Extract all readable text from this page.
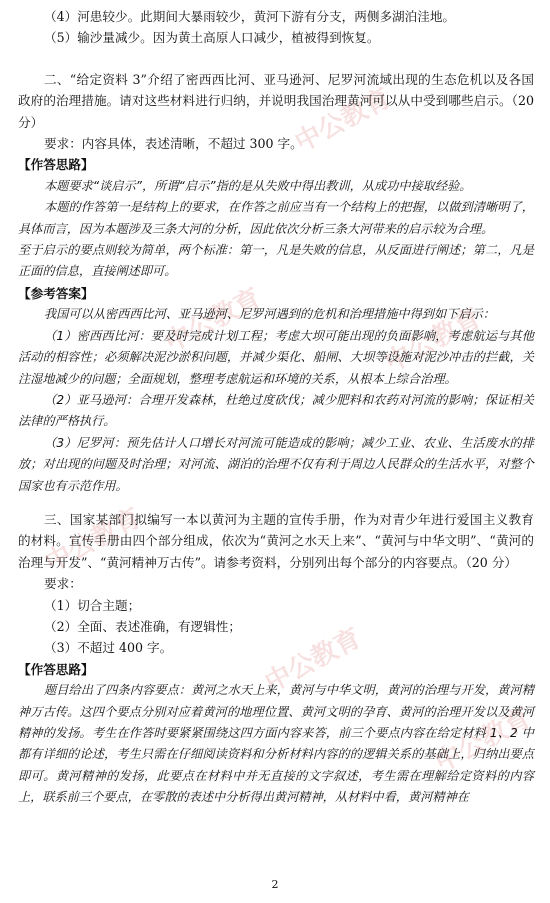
中公教育
中公教育	中公教育
中公教育
中公教育
中公教育

（4）河患较少。此期间大暴雨较少，黄河下游有分支，两侧多湖泊洼地。

（5）输沙量减少。因为黄土高原人口减少，植被得到恢复。

二、“给定资料 3”介绍了密西西比河、亚马逊河、尼罗河流域出现的生态危机以及各国政府的治理措施。请对这些材料进行归纳，并说明我国治理黄河可以从中受到哪些启示。（20 分）

要求：内容具体，表述清晰，不超过 300 字。

【作答思路】

本题要求“谈启示”，所谓“启示”指的是从失败中得出教训，从成功中接取经验。

本题的作答第一是结构上的要求，在作答之前应当有一个结构上的把握，以做到清晰明了，具体而言，因为本题涉及三条大河的分析，因此依次分析三条大河带来的启示较为合理。

至于启示的要点则较为简单，两个标准：第一，凡是失败的信息，从反面进行阐述；第二，凡是正面的信息，直接阐述即可。

【参考答案】

我国可以从密西西比河、亚马逊河、尼罗河遇到的危机和治理措施中得到如下启示：

（1）密西西比河：要及时完成计划工程；考虑大坝可能出现的负面影响，考虑航运与其他活动的相容性；必须解决泥沙淤积问题，并减少渠化、船闸、大坝等设施对泥沙冲击的拦截，关注湿地减少的问题；全面规划，整理考虑航运和环境的关系，从根本上综合治理。

（2）亚马逊河：合理开发森林，杜绝过度砍伐；减少肥料和农药对河流的影响；保证相关法律的严格执行。

（3）尼罗河：预先估计人口增长对河流可能造成的影响；减少工业、农业、生活废水的排放；对出现的问题及时治理；对河流、湖泊的治理不仅有利于周边人民群众的生活水平，对整个国家也有示范作用。

三、国家某部门拟编写一本以黄河为主题的宣传手册，作为对青少年进行爱国主义教育的材料。宣传手册由四个部分组成，依次为“黄河之水天上来”、“黄河与中华文明”、“黄河的治理与开发”、“黄河精神万古传”。请参考资料，分别列出每个部分的内容要点。（20 分）

要求：

（1）切合主题；

（2）全面、表述准确，有逻辑性；

（3）不超过 400 字。

【作答思路】

题目给出了四条内容要点：黄河之水天上来，黄河与中华文明，黄河的治理与开发，黄河精神万古传。这四个要点分别对应着黄河的地理位置、黄河文明的孕育、黄河的治理开发以及黄河精神的发扬。考生在作答时要紧紧围绕这四方面内容来答，前三个要点内容在给定材料 1、2 中都有详细的论述，考生只需在仔细阅读资料和分析材料内容的的逻辑关系的基础上，归纳出要点即可。黄河精神的发扬，此要点在材料中并无直接的文字叙述，考生需在理解给定资料的内容上，联系前三个要点，在零散的表述中分析得出黄河精神，从材料中看，黄河精神在

2
